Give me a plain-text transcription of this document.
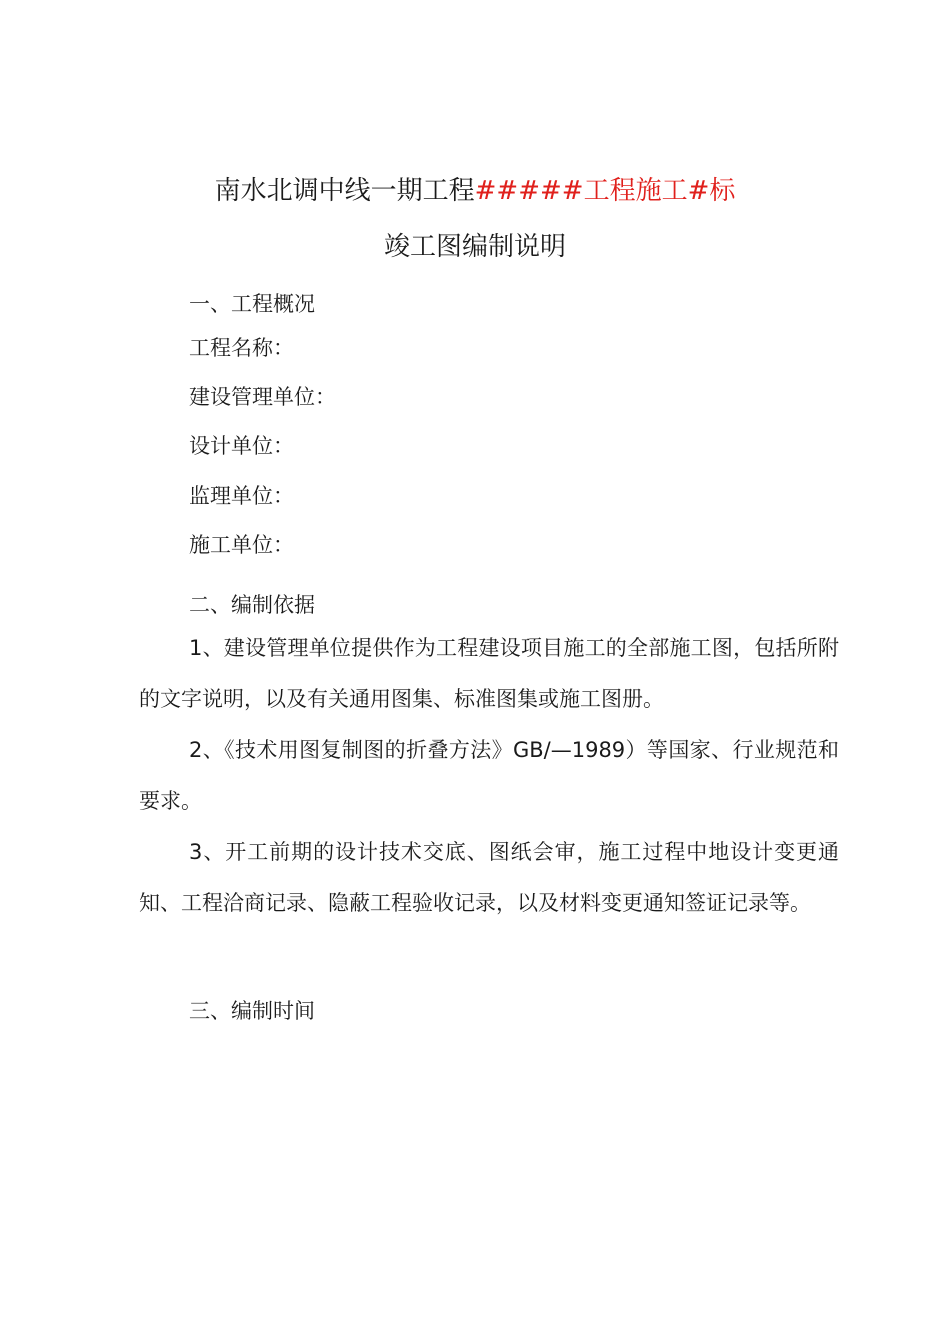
南水北调中线一期工程#####工程施工#标
竣工图编制说明
一、工程概况
工程名称：
建设管理单位：
设计单位：
监理单位：
施工单位：
二、编制依据
1、建设管理单位提供作为工程建设项目施工的全部施工图，包括所附的文字说明，以及有关通用图集、标准图集或施工图册。
2、《技术用图复制图的折叠方法》GB/—1989）等国家、行业规范和要求。
3、开工前期的设计技术交底、图纸会审，施工过程中地设计变更通知、工程洽商记录、隐蔽工程验收记录，以及材料变更通知签证记录等。
三、编制时间
